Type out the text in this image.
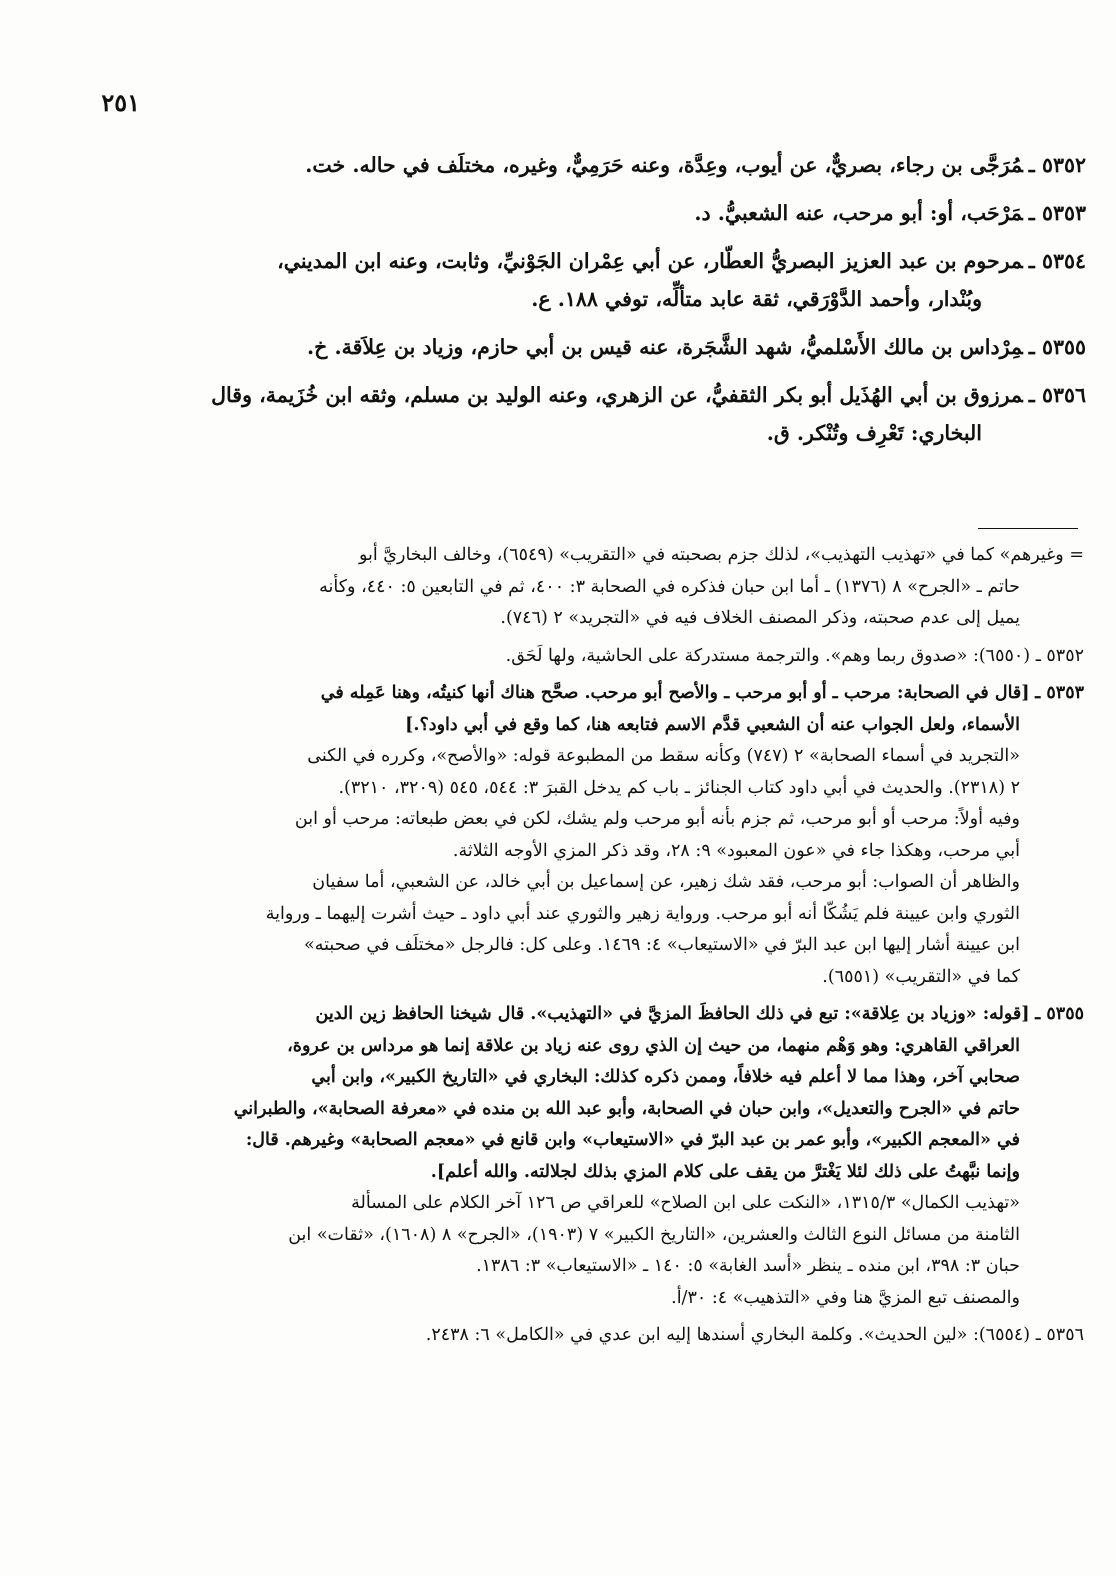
٢٥١
٥٣٥٢ ـمُرَجَّى بن رجاء، بصريٌّ، عن أيوب، وعِدَّة، وعنه حَرَمِيٌّ، وغيره، مختلَف في حاله. خت.
٥٣٥٣ ـمَرْحَب، أو: أبو مرحب، عنه الشعبيُّ. د.
٥٣٥٤ ـمرحوم بن عبد العزيز البصريُّ العطّار، عن أبي عِمْران الجَوْنيِّ، وثابت، وعنه ابن المديني،
وبُنْدار، وأحمد الدَّوْرَقي، ثقة عابد متألِّه، توفي ١٨٨. ع.
٥٣٥٥ ـمِرْداس بن مالك الأَسْلميُّ، شهد الشَّجَرة، عنه قيس بن أبي حازم، وزياد بن عِلاَقة. خ.
٥٣٥٦ ـمرزوق بن أبي الهُذَيل أبو بكر الثقفيُّ، عن الزهري، وعنه الوليد بن مسلم، وثقه ابن خُزَيمة، وقال
البخاري: تَعْرِف وتُنْكر. ق.
= وغيرهم» كما في «تهذيب التهذيب»، لذلك جزم بصحبته في «التقريب» (٦٥٤٩)، وخالف البخاريَّ أبو
حاتم ـ «الجرح» ٨ (١٣٧٦) ـ أما ابن حبان فذكره في الصحابة ٣: ٤٠٠، ثم في التابعين ٥: ٤٤٠، وكأنه
يميل إلى عدم صحبته، وذكر المصنف الخلاف فيه في «التجريد» ٢ (٧٤٦).
٥٣٥٢ ـ (٦٥٥٠): «صدوق ربما وهم». والترجمة مستدركة على الحاشية، ولها لَحَق.
٥٣٥٣ ـ [قال في الصحابة: مرحب ـ أو أبو مرحب ـ والأصح أبو مرحب. صحَّح هناك أنها كنيتُه، وهنا عَمِله في
الأسماء، ولعل الجواب عنه أن الشعبي قدَّم الاسم فتابعه هنا، كما وقع في أبي داود؟.]
«التجريد في أسماء الصحابة» ٢ (٧٤٧) وكأنه سقط من المطبوعة قوله: «والأصح»، وكرره في الكنى
٢ (٢٣١٨). والحديث في أبي داود كتاب الجنائز ـ باب كم يدخل القبرَ ٣: ٥٤٤، ٥٤٥ (٣٢٠٩، ٣٢١٠).
وفيه أولاً: مرحب أو أبو مرحب، ثم جزم بأنه أبو مرحب ولم يشك، لكن في بعض طبعاته: مرحب أو ابن
أبي مرحب، وهكذا جاء في «عون المعبود» ٩: ٢٨، وقد ذكر المزي الأوجه الثلاثة.
والظاهر أن الصواب: أبو مرحب، فقد شك زهير، عن إسماعيل بن أبي خالد، عن الشعبي، أما سفيان
الثوري وابن عيينة فلم يَشُكّا أنه أبو مرحب. ورواية زهير والثوري عند أبي داود ـ حيث أشرت إليهما ـ ورواية
ابن عيينة أشار إليها ابن عبد البرّ في «الاستيعاب» ٤: ١٤٦٩. وعلى كل: فالرجل «مختلَف في صحبته»
كما في «التقريب» (٦٥٥١).
٥٣٥٥ ـ [قوله: «وزياد بن عِلاقة»: تبع في ذلك الحافظَ المزيَّ في «التهذيب». قال شيخنا الحافظ زين الدين
العراقي القاهري: وهو وَهْم منهما، من حيث إن الذي روى عنه زياد بن علاقة إنما هو مرداس بن عروة،
صحابي آخر، وهذا مما لا أعلم فيه خلافاً، وممن ذكره كذلك: البخاري في «التاريخ الكبير»، وابن أبي
حاتم في «الجرح والتعديل»، وابن حبان في الصحابة، وأبو عبد الله بن منده في «معرفة الصحابة»، والطبراني
في «المعجم الكبير»، وأبو عمر بن عبد البرّ في «الاستيعاب» وابن قانع في «معجم الصحابة» وغيرهم. قال:
وإنما نبَّهتُ على ذلك لئلا يَغْترَّ من يقف على كلام المزي بذلك لجلالته. والله أعلم].
«تهذيب الكمال» ١٣١٥/٣، «النكت على ابن الصلاح» للعراقي ص ١٢٦ آخر الكلام على المسألة
الثامنة من مسائل النوع الثالث والعشرين، «التاريخ الكبير» ٧ (١٩٠٣)، «الجرح» ٨ (١٦٠٨)، «ثقات» ابن
حبان ٣: ٣٩٨، ابن منده ـ ينظر «أسد الغابة» ٥: ١٤٠ ـ «الاستيعاب» ٣: ١٣٨٦.
والمصنف تبع المزيَّ هنا وفي «التذهيب» ٤: ٣٠/أ.
٥٣٥٦ ـ (٦٥٥٤): «لين الحديث». وكلمة البخاري أسندها إليه ابن عدي في «الكامل» ٦: ٢٤٣٨.
